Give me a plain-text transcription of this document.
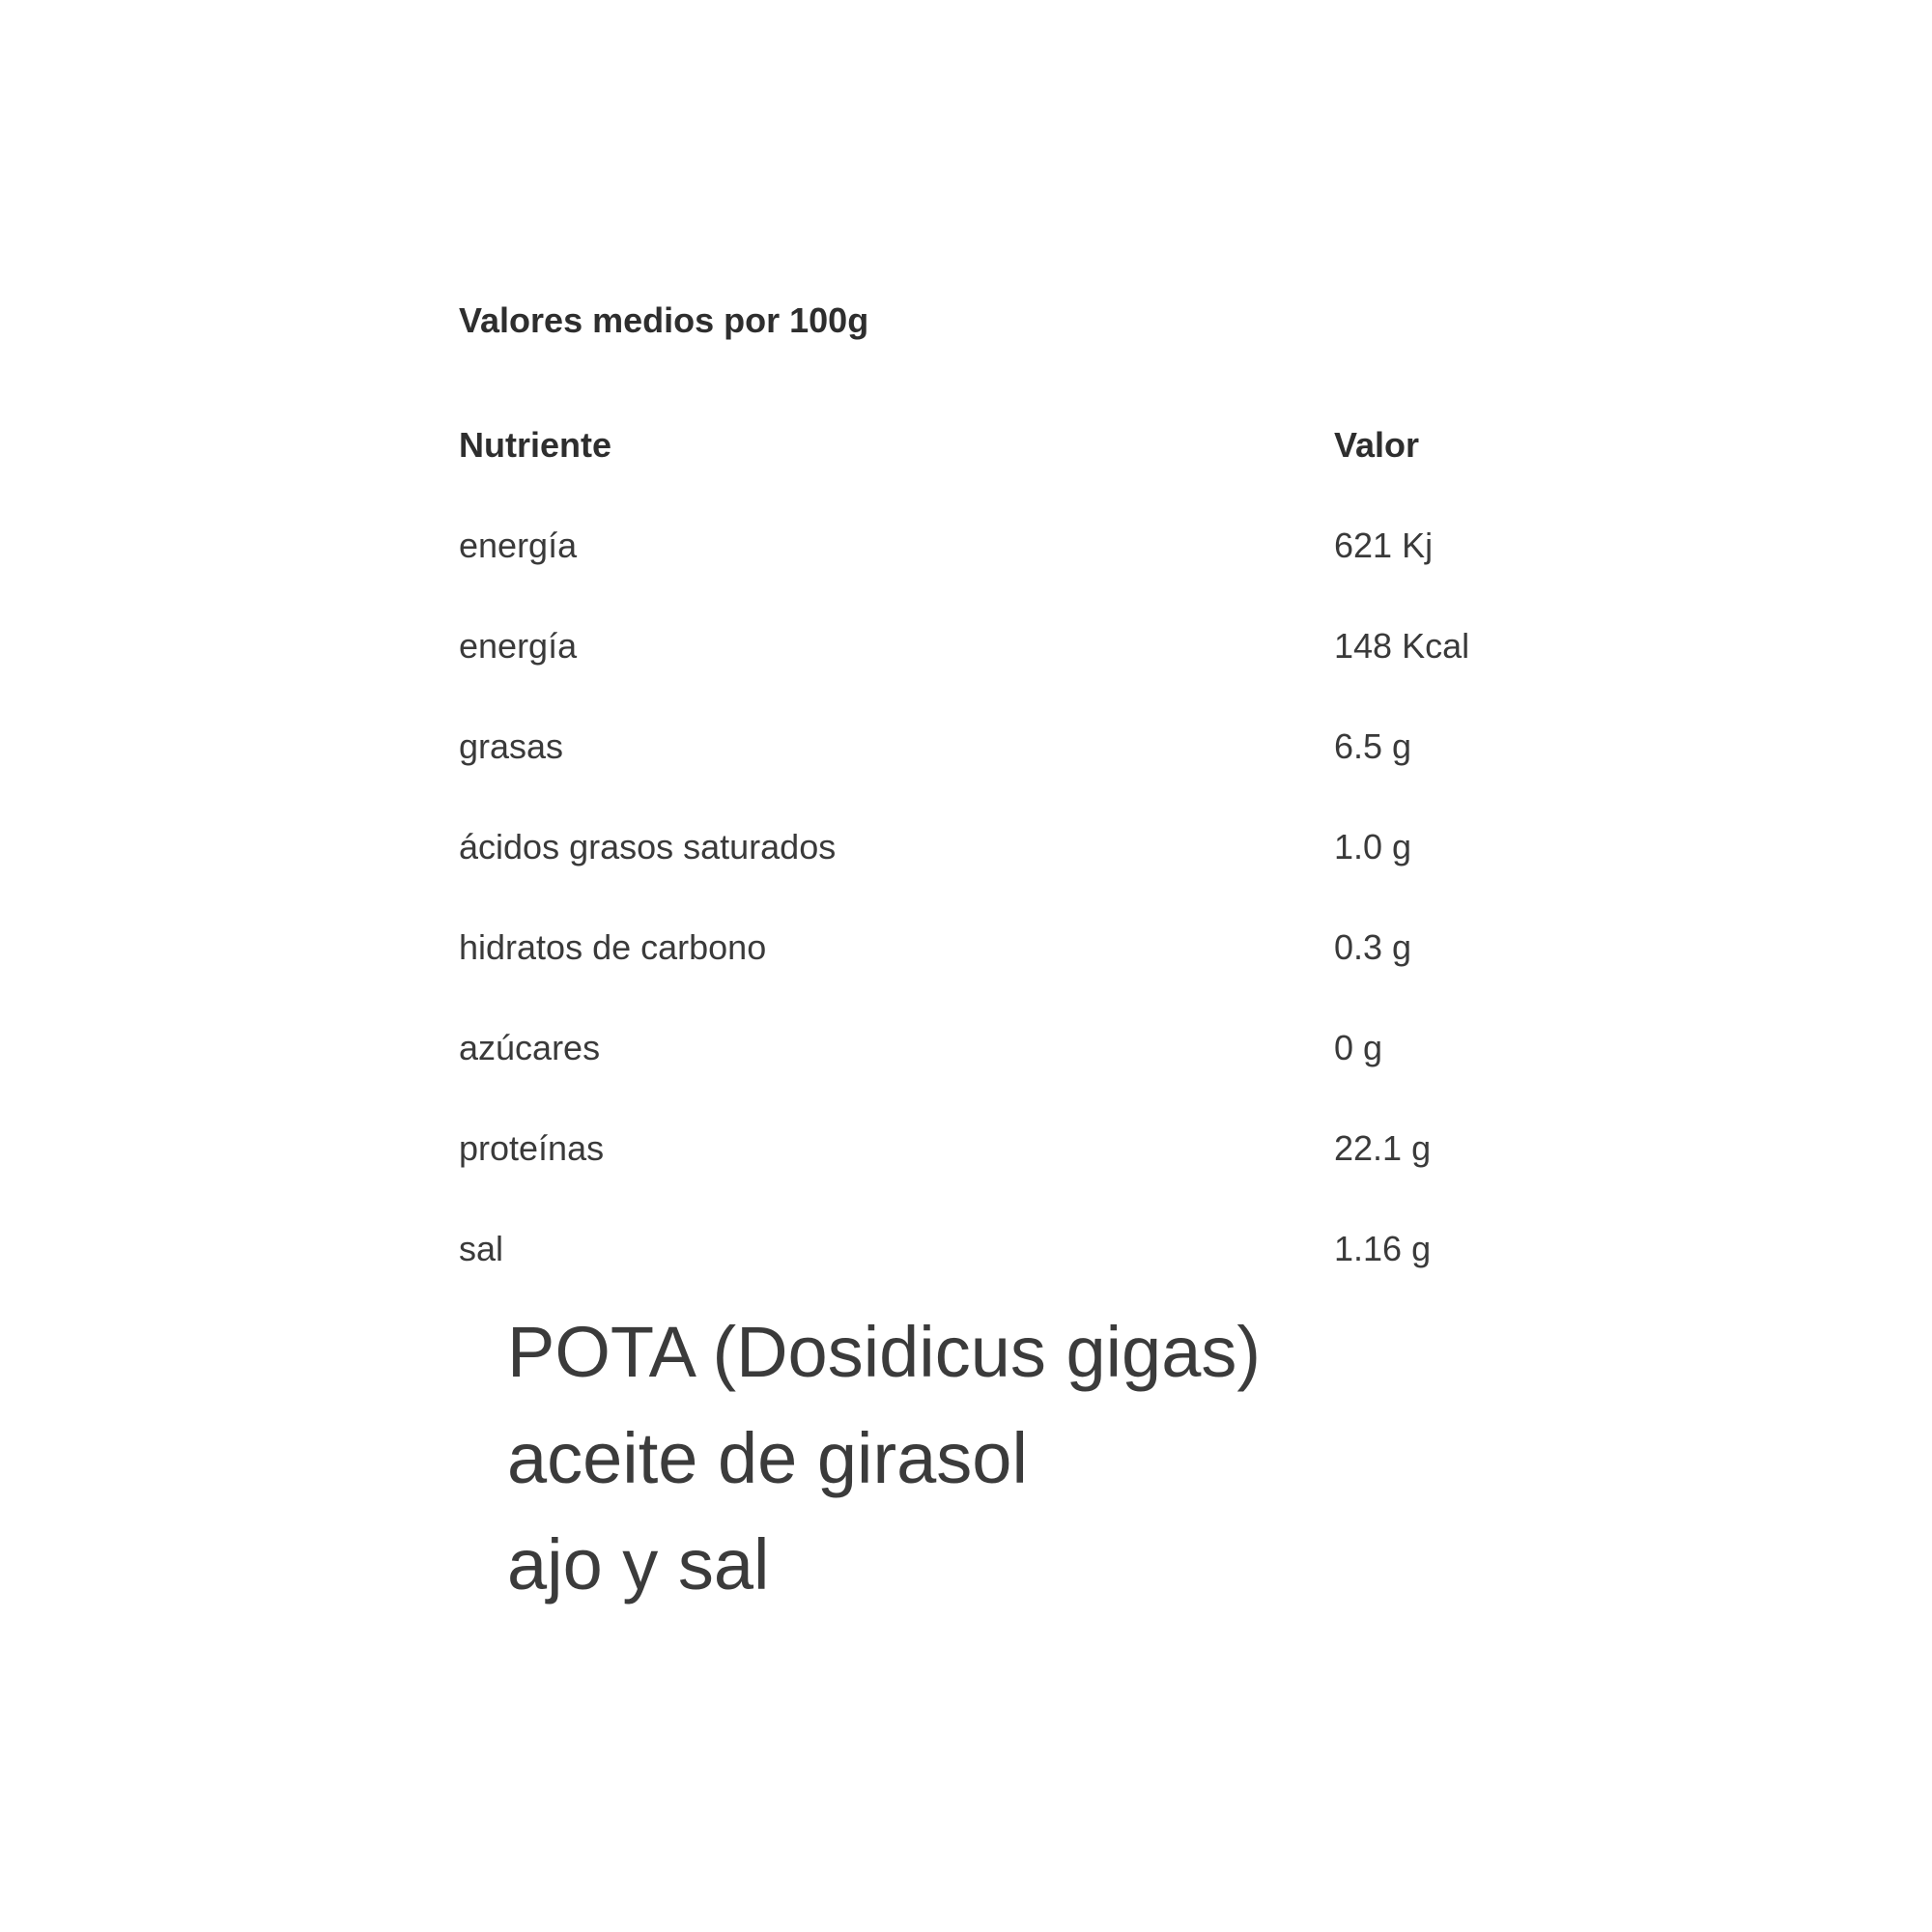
Valores medios por 100g
Nutriente	Valor
energía	621 Kj
energía	148 Kcal
grasas	6.5 g
ácidos grasos saturados	1.0 g
hidratos de carbono	0.3 g
azúcares	0 g
proteínas	22.1 g
sal	1.16 g
POTA (Dosidicus gigas)
aceite de girasol
ajo y sal
